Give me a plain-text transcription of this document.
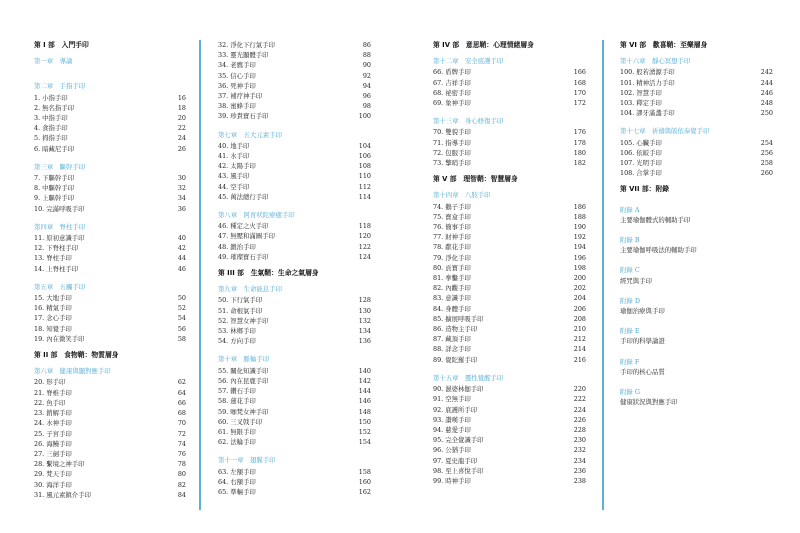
第 I 部　入門手印
第一章　導論
第二章　手指手印
1. 小指手印	16
2. 無名指手印	18
3. 中指手印	20
4. 食指手印	22
5. 拇指手印	24
6. 暗藏尼手印	26
第三章　驅幹手印
7. 下驅幹手印	30
8. 中驅幹手印	32
9. 上驅幹手印	34
10. 完滿呼吸手印	36
第四章　脊柱手印
11. 原初意識手印	40
12. 下脊柱手印	42
13. 脊柱手印	44
14. 上脊柱手印	46
第五章　五觸手印
15. 大地手印	50
16. 精氣手印	52
17. 念心手印	54
18. 知覺手印	56
19. 內在微笑手印	58
第 II 部　食物鞘：物質層身
第六章　健康與顯對應手印
20. 形手印	62
21. 脊椎手印	64
22. 魚手印	66
23. 銷解手印	68
24. 水神手印	70
25. 子宮手印	72
26. 海鰻手印	74
27. 三劍手印	76
28. 繫境之神手印	78
29. 梵天手印	80
30. 海洋手印	82
31. 風元素鎮介手印	84
32. 淨化下行氣手印	86
33. 靈光顯體手印	88
34. 老鷹手印	90
35. 信心手印	92
36. 死神手印	94
37. 補疗神手印	96
38. 蜜蜂手印	98
39. 珍貴寶石手印	100
第七章　五大元素手印
40. 地手印	104
41. 水手印	106
42. 太陽手印	108
43. 風手印	110
44. 空手印	112
45. 萬法總行手印	114
第八章　阿育吠陀療癒手印
46. 種定之火手印	118
47. 無壓和滿圖手印	120
48. 鍛治手印	122
49. 璀璨寶石手印	124
第 III 部　生氣鞘：生命之氣層身
第九章　生命能息手印
50. 下行氣手印	128
51. 命根氣手印	130
52. 智慧女神手印	132
53. 林鄉手印	134
54. 方向手印	136
第十章　脈輪手印
55. 關化知識手印	140
56. 內在昆鹿手印	142
57. 鑽石手印	144
58. 蓮花手印	146
59. 咖梵女神手印	148
60. 三叉戟手印	150
61. 無限手印	152
62. 法輪手印	154
第十一章　翅膜手印
63. 左額手印	158
64. 右額手印	160
65. 準輛手印	162
第 IV 部　意思鞘：心理情緒層身
第十二章　安全底護手印
66. 盾牌手印	166
67. 吉祥手印	168
68. 祕密手印	170
69. 象神手印	172
第十三章　身心修復手印
70. 雙貌手印	176
71. 指導手印	178
72. 包服手印	180
73. 擎哨手印	182
第 V 部　理智鞘：智慧層身
第十四章　八肢手印
74. 鵝子手印	186
75. 寶盒手印	188
76. 簡事手印	190
77. 財神手印	192
78. 獻花手印	194
79. 淨化手印	196
80. 貢寶手印	198
81. 拳鑿手印	200
82. 內觀手印	202
83. 意識手印	204
84. 身體手印	206
85. 擴展呼吸手印	208
86. 造物主手印	210
87. 藏頂手印	212
88. 詳念手印	214
89. 覺陀羅手印	216
第十五章　靈性覺醒手印
90. 濕婆林伽手印	220
91. 空無手印	222
92. 底護所手印	224
93. 讚嘆手印	226
94. 慈愛手印	228
95. 完全覺識手印	230
96. 公猶手印	232
97. 夏史龍手印	234
98. 至上喜悅手印	236
99. 時神手印	238
第 VI 部　歡喜鞘：至樂層身
第十六章　靜心冥想手印
100. 般若湧源手印	242
101. 精神活力手印	244
102. 智慧手印	246
103. 釋定手印	248
104. 謬牙滿盞手印	250
第十七章　祈禱與皈依奉覺手印
105. 心臟手印	254
106. 依皈手印	256
107. 光明手印	258
108. 合掌手印	260
第 VII 部：附錄
附錄 A
主要瑜伽體式的輔助手印
附錄 B
主要瑜伽呼吸法的輔助手印
附錄 C
經咒與手印
附錄 D
瑜伽治療與手印
附錄 E
手印的科學論證
附錄 F
手印的核心品質
附錄 G
健康狀況與對應手印
